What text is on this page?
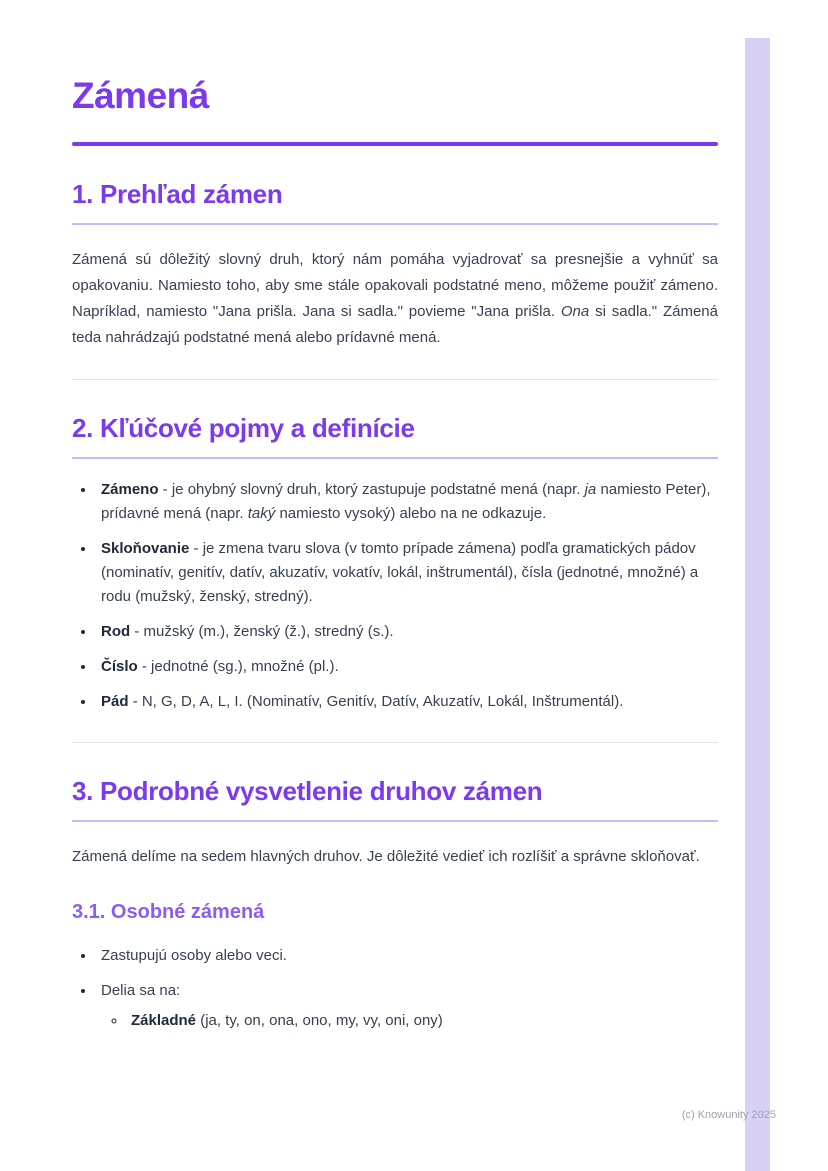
Zámená
1. Prehľad zámen

Zámená sú dôležitý slovný druh, ktorý nám pomáha vyjadrovať sa presnejšie a vyhnúť sa opakovaniu. Namiesto toho, aby sme stále opakovali podstatné meno, môžeme použiť zámeno. Napríklad, namiesto "Jana prišla. Jana si sadla." povieme "Jana prišla. Ona si sadla." Zámená teda nahrádzajú podstatné mená alebo prídavné mená.

2. Kľúčové pojmy a definície
• Zámeno - je ohybný slovný druh, ktorý zastupuje podstatné mená (napr. ja namiesto Peter), prídavné mená (napr. taký namiesto vysoký) alebo na ne odkazuje.
• Skloňovanie - je zmena tvaru slova (v tomto prípade zámena) podľa gramatických pádov (nominatív, genitív, datív, akuzatív, vokatív, lokál, inštrumentál), čísla (jednotné, množné) a rodu (mužský, ženský, stredný).
• Rod - mužský (m.), ženský (ž.), stredný (s.).
• Číslo - jednotné (sg.), množné (pl.).
• Pád - N, G, D, A, L, I. (Nominatív, Genitív, Datív, Akuzatív, Lokál, Inštrumentál).
3. Podrobné vysvetlenie druhov zámen

Zámená delíme na sedem hlavných druhov. Je dôležité vedieť ich rozlíšiť a správne skloňovať.

3.1. Osobné zámená
• Zastupujú osoby alebo veci.
• Delia sa na:
◦ Základné (ja, ty, on, ona, ono, my, vy, oni, ony)
(c) Knowunity 2025
